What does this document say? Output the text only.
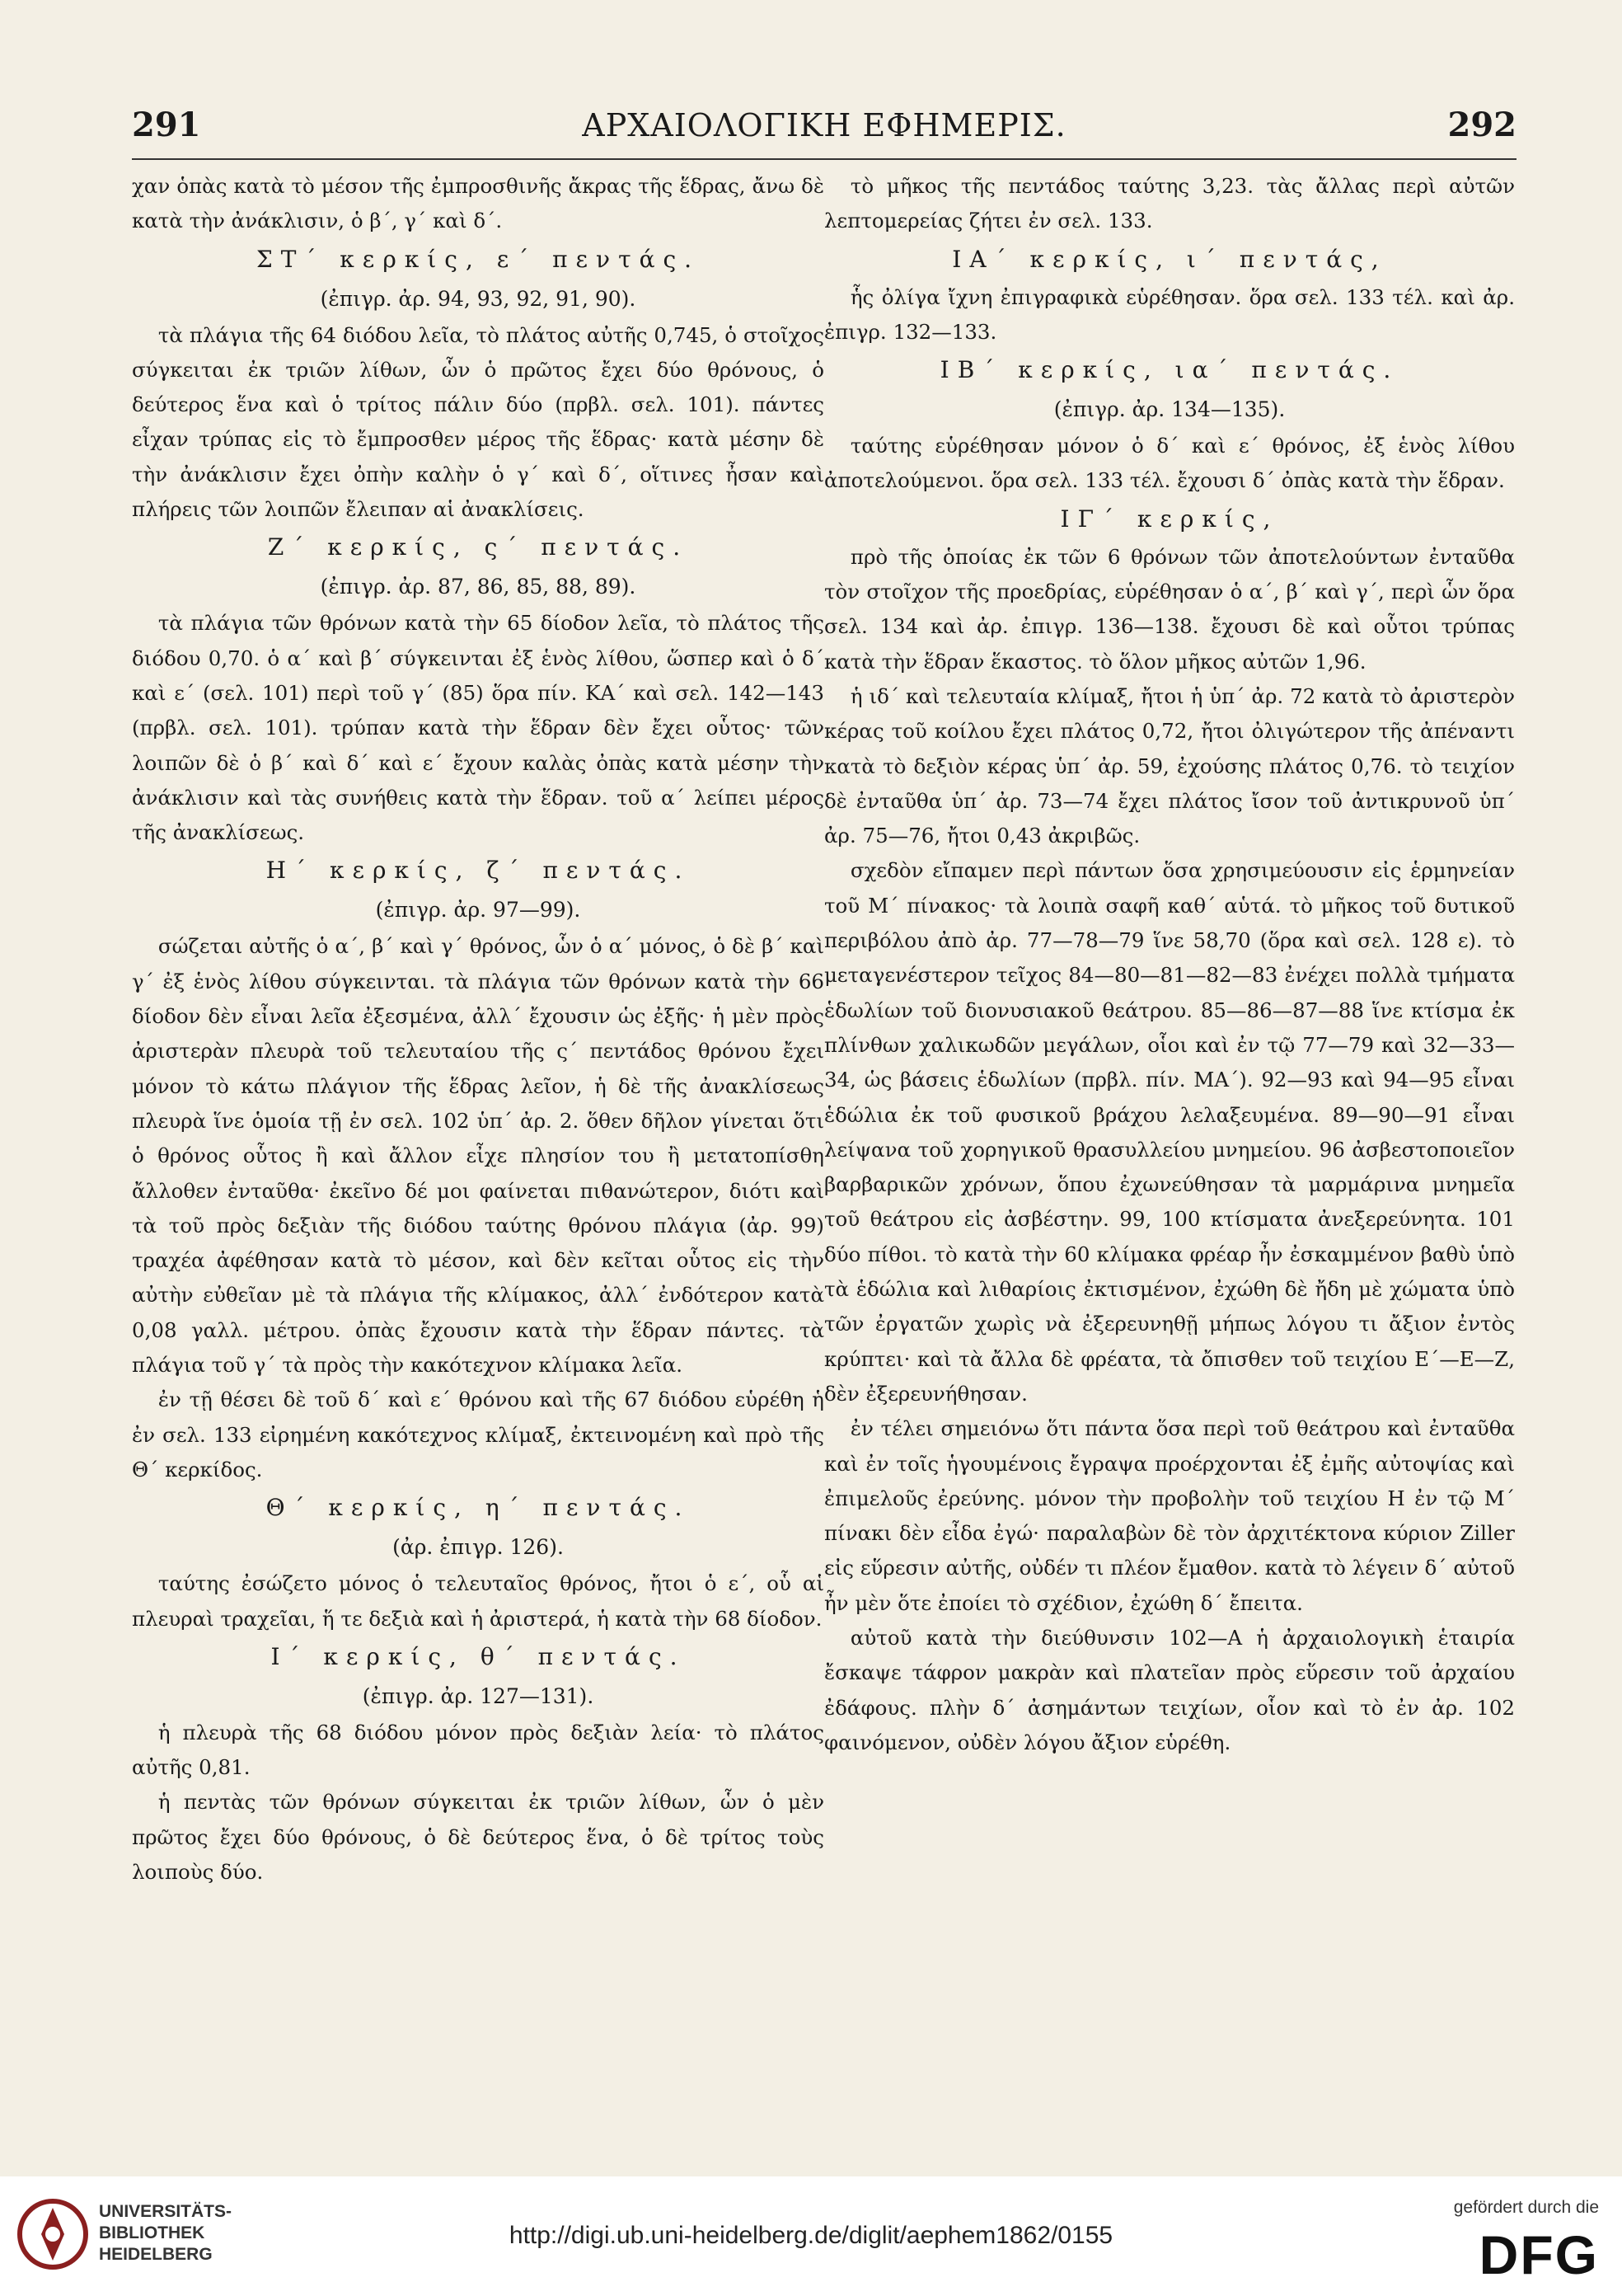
291	ΑΡΧΑΙΟΛΟΓΙΚΗ ΕΦΗΜΕΡΙΣ.	292

χαν ὁπὰς κατὰ τὸ μέσον τῆς ἐμπροσθινῆς ἄκρας τῆς ἕδρας, ἄνω δὲ κατὰ τὴν ἀνάκλισιν, ὁ β΄, γ΄ καὶ δ΄.

ΣΤ΄ κερκίς, ε΄ πεντάς.
(ἐπιγρ. ἀρ. 94, 93, 92, 91, 90).

τὰ πλάγια τῆς 64 διόδου λεῖα, τὸ πλάτος αὐτῆς 0,745, ὁ στοῖχος σύγκειται ἐκ τριῶν λίθων, ὧν ὁ πρῶτος ἔχει δύο θρόνους, ὁ δεύτερος ἕνα καὶ ὁ τρίτος πάλιν δύο (πρβλ. σελ. 101). πάντες εἶχαν τρύπας εἰς τὸ ἔμπροσθεν μέρος τῆς ἕδρας· κατὰ μέσην δὲ τὴν ἀνάκλισιν ἔχει ὀπὴν καλὴν ὁ γ΄ καὶ δ΄, οἵτινες ἦσαν καὶ πλήρεις τῶν λοιπῶν ἔλειπαν αἱ ἀνακλίσεις.

Ζ΄ κερκίς, ς΄ πεντάς.
(ἐπιγρ. ἀρ. 87, 86, 85, 88, 89).

τὰ πλάγια τῶν θρόνων κατὰ τὴν 65 δίοδον λεῖα, τὸ πλάτος τῆς διόδου 0,70. ὁ α΄ καὶ β΄ σύγκεινται ἐξ ἑνὸς λίθου, ὥσπερ καὶ ὁ δ΄ καὶ ε΄ (σελ. 101) περὶ τοῦ γ΄ (85) ὅρα πίν. ΚΑ΄ καὶ σελ. 142—143 (πρβλ. σελ. 101). τρύπαν κατὰ τὴν ἕδραν δὲν ἔχει οὗτος· τῶν λοιπῶν δὲ ὁ β΄ καὶ δ΄ καὶ ε΄ ἔχουν καλὰς ὀπὰς κατὰ μέσην τὴν ἀνάκλισιν καὶ τὰς συνήθεις κατὰ τὴν ἕδραν. τοῦ α΄ λείπει μέρος τῆς ἀνακλίσεως.

Η΄ κερκίς, ζ΄ πεντάς.
(ἐπιγρ. ἀρ. 97—99).

σώζεται αὐτῆς ὁ α΄, β΄ καὶ γ΄ θρόνος, ὧν ὁ α΄ μόνος, ὁ δὲ β΄ καὶ γ΄ ἐξ ἑνὸς λίθου σύγκεινται. τὰ πλάγια τῶν θρόνων κατὰ τὴν 66 δίοδον δὲν εἶναι λεῖα ἐξεσμένα, ἀλλ΄ ἔχουσιν ὡς ἐξῆς· ἡ μὲν πρὸς ἀριστερὰν πλευρὰ τοῦ τελευταίου τῆς ς΄ πεντάδος θρόνου ἔχει μόνον τὸ κάτω πλάγιον τῆς ἕδρας λεῖον, ἡ δὲ τῆς ἀνακλίσεως πλευρὰ ἵνε ὁμοία τῇ ἐν σελ. 102 ὑπ΄ ἀρ. 2. ὅθεν δῆλον γίνεται ὅτι ὁ θρόνος οὗτος ἢ καὶ ἄλλον εἶχε πλησίον του ἢ μετατοπίσθη ἄλλοθεν ἐνταῦθα· ἐκεῖνο δέ μοι φαίνεται πιθανώτερον, διότι καὶ τὰ τοῦ πρὸς δεξιὰν τῆς διόδου ταύτης θρόνου πλάγια (ἀρ. 99) τραχέα ἀφέθησαν κατὰ τὸ μέσον, καὶ δὲν κεῖται οὗτος εἰς τὴν αὐτὴν εὐθεῖαν μὲ τὰ πλάγια τῆς κλίμακος, ἀλλ΄ ἐνδότερον κατὰ 0,08 γαλλ. μέτρου. ὀπὰς ἔχουσιν κατὰ τὴν ἕδραν πάντες. τὰ πλάγια τοῦ γ΄ τὰ πρὸς τὴν κακότεχνον κλίμακα λεῖα.

ἐν τῇ θέσει δὲ τοῦ δ΄ καὶ ε΄ θρόνου καὶ τῆς 67 διόδου εὑρέθη ἡ ἐν σελ. 133 εἰρημένη κακότεχνος κλίμαξ, ἐκτεινομένη καὶ πρὸ τῆς Θ΄ κερκίδος.

Θ΄ κερκίς, η΄ πεντάς.
(ἀρ. ἐπιγρ. 126).

ταύτης ἐσώζετο μόνος ὁ τελευταῖος θρόνος, ἤτοι ὁ ε΄, οὗ αἱ πλευραὶ τραχεῖαι, ἥ τε δεξιὰ καὶ ἡ ἀριστερά, ἡ κατὰ τὴν 68 δίοδον.

Ι΄ κερκίς, θ΄ πεντάς.
(ἐπιγρ. ἀρ. 127—131).

ἡ πλευρὰ τῆς 68 διόδου μόνον πρὸς δεξιὰν λεία· τὸ πλάτος αὐτῆς 0,81.

ἡ πεντὰς τῶν θρόνων σύγκειται ἐκ τριῶν λίθων, ὧν ὁ μὲν πρῶτος ἔχει δύο θρόνους, ὁ δὲ δεύτερος ἕνα, ὁ δὲ τρίτος τοὺς λοιποὺς δύο.

τὸ μῆκος τῆς πεντάδος ταύτης 3,23. τὰς ἄλλας περὶ αὐτῶν λεπτομερείας ζήτει ἐν σελ. 133.

ΙΑ΄ κερκίς, ι΄ πεντάς,

ἧς ὀλίγα ἴχνη ἐπιγραφικὰ εὑρέθησαν. ὅρα σελ. 133 τέλ. καὶ ἀρ. ἐπιγρ. 132—133.

ΙΒ΄ κερκίς, ια΄ πεντάς.
(ἐπιγρ. ἀρ. 134—135).

ταύτης εὑρέθησαν μόνον ὁ δ΄ καὶ ε΄ θρόνος, ἐξ ἑνὸς λίθου ἀποτελούμενοι. ὅρα σελ. 133 τέλ. ἔχουσι δ΄ ὀπὰς κατὰ τὴν ἕδραν.

ΙΓ΄ κερκίς,

πρὸ τῆς ὁποίας ἐκ τῶν 6 θρόνων τῶν ἀποτελούντων ἐνταῦθα τὸν στοῖχον τῆς προεδρίας, εὑρέθησαν ὁ α΄, β΄ καὶ γ΄, περὶ ὧν ὅρα σελ. 134 καὶ ἀρ. ἐπιγρ. 136—138. ἔχουσι δὲ καὶ οὗτοι τρύπας κατὰ τὴν ἕδραν ἕκαστος. τὸ ὅλον μῆκος αὐτῶν 1,96.

ἡ ιδ΄ καὶ τελευταία κλίμαξ, ἤτοι ἡ ὑπ΄ ἀρ. 72 κατὰ τὸ ἀριστερὸν κέρας τοῦ κοίλου ἔχει πλάτος 0,72, ἤτοι ὀλιγώτερον τῆς ἀπέναντι κατὰ τὸ δεξιὸν κέρας ὑπ΄ ἀρ. 59, ἐχούσης πλάτος 0,76. τὸ τειχίον δὲ ἐνταῦθα ὑπ΄ ἀρ. 73—74 ἔχει πλάτος ἴσον τοῦ ἀντικρυνοῦ ὑπ΄ ἀρ. 75—76, ἤτοι 0,43 ἀκριβῶς.

σχεδὸν εἴπαμεν περὶ πάντων ὅσα χρησιμεύουσιν εἰς ἑρμηνείαν τοῦ Μ΄ πίνακος· τὰ λοιπὰ σαφῆ καθ΄ αὑτά. τὸ μῆκος τοῦ δυτικοῦ περιβόλου ἀπὸ ἀρ. 77—78—79 ἵνε 58,70 (ὅρα καὶ σελ. 128 ε). τὸ μεταγενέστερον τεῖχος 84—80—81—82—83 ἐνέχει πολλὰ τμήματα ἑδωλίων τοῦ διονυσιακοῦ θεάτρου. 85—86—87—88 ἵνε κτίσμα ἐκ πλίνθων χαλικωδῶν μεγάλων, οἷοι καὶ ἐν τῷ 77—79 καὶ 32—33—34, ὡς βάσεις ἑδωλίων (πρβλ. πίν. ΜΑ΄). 92—93 καὶ 94—95 εἶναι ἑδώλια ἐκ τοῦ φυσικοῦ βράχου λελαξευμένα. 89—90—91 εἶναι λείψανα τοῦ χορηγικοῦ θρασυλλείου μνημείου. 96 ἀσβεστοποιεῖον βαρβαρικῶν χρόνων, ὅπου ἐχωνεύθησαν τὰ μαρμάρινα μνημεῖα τοῦ θεάτρου εἰς ἀσβέστην. 99, 100 κτίσματα ἀνεξερεύνητα. 101 δύο πίθοι. τὸ κατὰ τὴν 60 κλίμακα φρέαρ ἦν ἐσκαμμένον βαθὺ ὑπὸ τὰ ἑδώλια καὶ λιθαρίοις ἐκτισμένον, ἐχώθη δὲ ἤδη μὲ χώματα ὑπὸ τῶν ἐργατῶν χωρὶς νὰ ἐξερευνηθῇ μήπως λόγου τι ἄξιον ἐντὸς κρύπτει· καὶ τὰ ἄλλα δὲ φρέατα, τὰ ὄπισθεν τοῦ τειχίου Ε΄—Ε—Ζ, δὲν ἐξερευνήθησαν.

ἐν τέλει σημειόνω ὅτι πάντα ὅσα περὶ τοῦ θεάτρου καὶ ἐνταῦθα καὶ ἐν τοῖς ἡγουμένοις ἔγραψα προέρχονται ἐξ ἐμῆς αὐτοψίας καὶ ἐπιμελοῦς ἐρεύνης. μόνον τὴν προβολὴν τοῦ τειχίου Η ἐν τῷ Μ΄ πίνακι δὲν εἶδα ἐγώ· παραλαβὼν δὲ τὸν ἀρχιτέκτονα κύριον Ziller εἰς εὕρεσιν αὐτῆς, οὐδέν τι πλέον ἔμαθον. κατὰ τὸ λέγειν δ΄ αὐτοῦ ἦν μὲν ὅτε ἐποίει τὸ σχέδιον, ἐχώθη δ΄ ἔπειτα.

αὐτοῦ κατὰ τὴν διεύθυνσιν 102—Α ἡ ἀρχαιολογικὴ ἑταιρία ἔσκαψε τάφρον μακρὰν καὶ πλατεῖαν πρὸς εὕρεσιν τοῦ ἀρχαίου ἐδάφους. πλὴν δ΄ ἀσημάντων τειχίων, οἷον καὶ τὸ ἐν ἀρ. 102 φαινόμενον, οὐδὲν λόγου ἄξιον εὑρέθη.

UNIVERSITÄTS-
BIBLIOTHEK
HEIDELBERG
http://digi.ub.uni-heidelberg.de/diglit/aephem1862/0155
gefördert durch die
DFG
